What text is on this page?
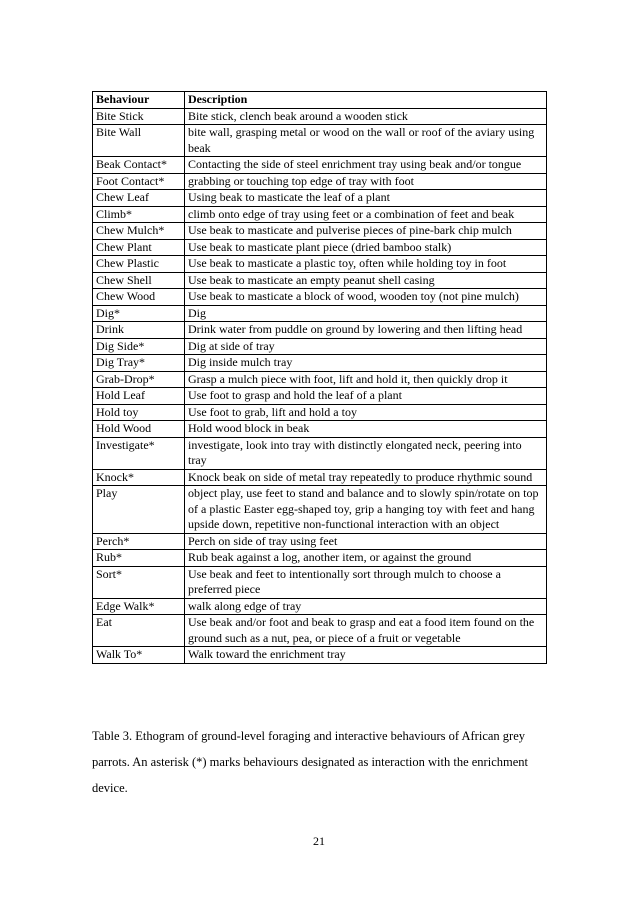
Behaviour	Description
Bite Stick	Bite stick, clench beak around a wooden stick
Bite Wall	bite wall, grasping metal or wood on the wall or roof of the aviary using beak
Beak Contact*	Contacting the side of steel enrichment tray using beak and/or tongue
Foot Contact*	grabbing or touching top edge of tray with foot
Chew Leaf	Using beak to masticate the leaf of a plant
Climb*	climb onto edge of tray using feet or a combination of feet and beak
Chew Mulch*	Use beak to masticate and pulverise pieces of pine-bark chip mulch
Chew Plant	Use beak to masticate plant piece (dried bamboo stalk)
Chew Plastic	Use beak to masticate a plastic toy, often while holding toy in foot
Chew Shell	Use beak to masticate an empty peanut shell casing
Chew Wood	Use beak to masticate a block of wood, wooden toy (not pine mulch)
Dig*	Dig
Drink	Drink water from puddle on ground by lowering and then lifting head
Dig Side*	Dig at side of tray
Dig Tray*	Dig inside mulch tray
Grab-Drop*	Grasp a mulch piece with foot, lift and hold it, then quickly drop it
Hold Leaf	Use foot to grasp and hold the leaf of a plant
Hold toy	Use foot to grab, lift and hold a toy
Hold Wood	Hold wood block in beak
Investigate*	investigate, look into tray with distinctly elongated neck, peering into tray
Knock*	Knock beak on side of metal tray repeatedly to produce rhythmic sound
Play	object play, use feet to stand and balance and to slowly spin/rotate on top of a plastic Easter egg-shaped toy, grip a hanging toy with feet and hang upside down, repetitive non-functional interaction with an object
Perch*	Perch on side of tray using feet
Rub*	Rub beak against a log, another item, or against the ground
Sort*	Use beak and feet to intentionally sort through mulch to choose a preferred piece
Edge Walk*	walk along edge of tray
Eat	Use beak and/or foot and beak to grasp and eat a food item found on the ground such as a nut, pea, or piece of a fruit or vegetable
Walk To*	Walk toward the enrichment tray

Table 3. Ethogram of ground-level foraging and interactive behaviours of African grey parrots. An asterisk (*) marks behaviours designated as interaction with the enrichment device.

21
